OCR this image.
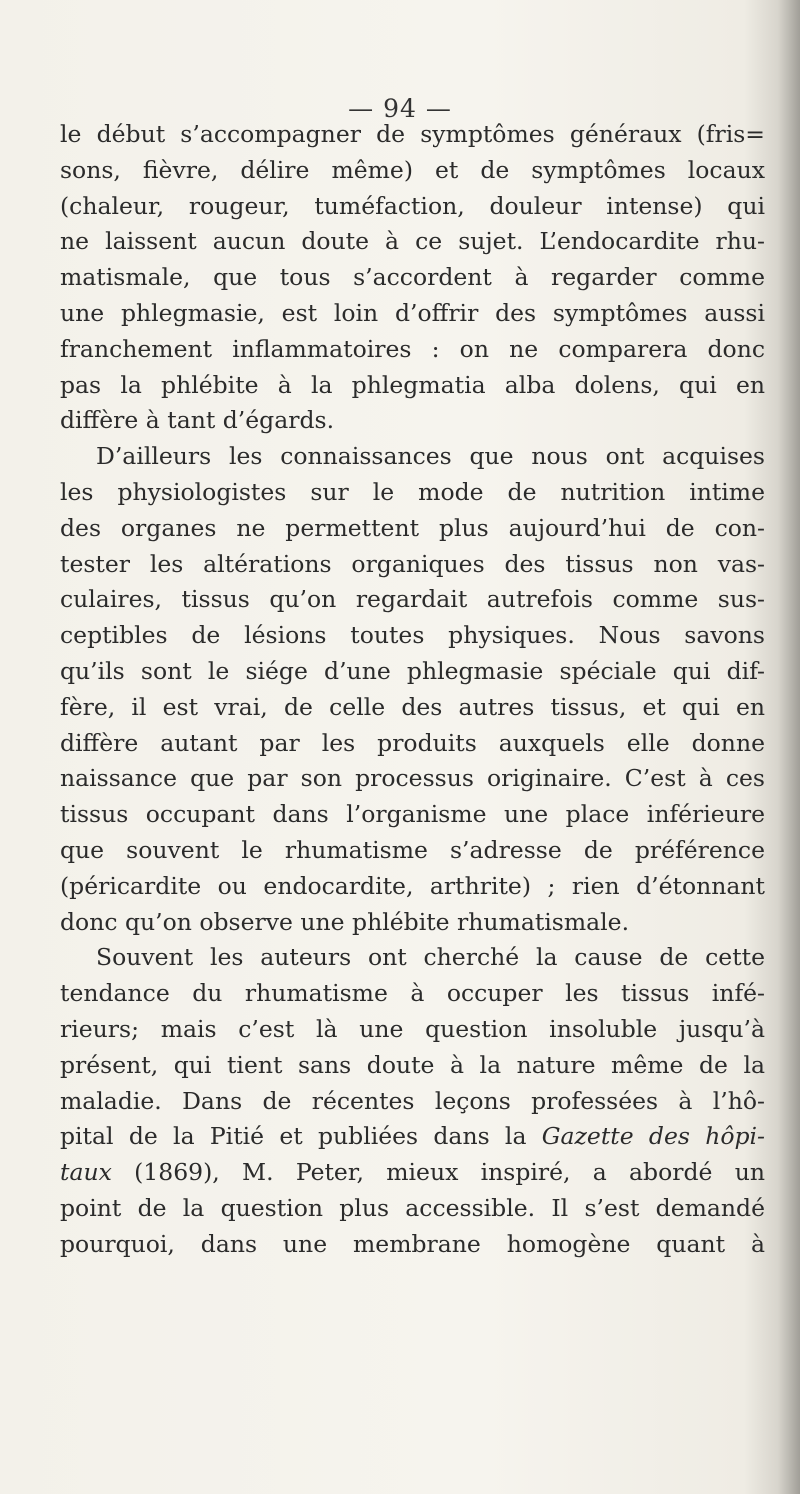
— 94 —
le début s’accompagner de symptômes généraux (fris=
sons, fièvre, délire même) et de symptômes locaux
(chaleur, rougeur, tuméfaction, douleur intense) qui
ne laissent aucun doute à ce sujet. L’endocardite rhu-
matismale, que tous s’accordent à regarder comme
une phlegmasie, est loin d’offrir des symptômes aussi
franchement inflammatoires : on ne comparera donc
pas la phlébite à la phlegmatia alba dolens, qui en
diffère à tant d’égards.
D’ailleurs les connaissances que nous ont acquises
les physiologistes sur le mode de nutrition intime
des organes ne permettent plus aujourd’hui de con-
tester les altérations organiques des tissus non vas-
culaires, tissus qu’on regardait autrefois comme sus-
ceptibles de lésions toutes physiques. Nous savons
qu’ils sont le siége d’une phlegmasie spéciale qui dif-
fère, il est vrai, de celle des autres tissus, et qui en
diffère autant par les produits auxquels elle donne
naissance que par son processus originaire. C’est à ces
tissus occupant dans l’organisme une place inférieure
que souvent le rhumatisme s’adresse de préférence
(péricardite ou endocardite, arthrite) ; rien d’étonnant
donc qu’on observe une phlébite rhumatismale.
Souvent les auteurs ont cherché la cause de cette
tendance du rhumatisme à occuper les tissus infé-
rieurs; mais c’est là une question insoluble jusqu’à
présent, qui tient sans doute à la nature même de la
maladie. Dans de récentes leçons professées à l’hô-
pital de la Pitié et publiées dans la Gazette des hôpi-
taux (1869), M. Peter, mieux inspiré, a abordé un
point de la question plus accessible. Il s’est demandé
pourquoi, dans une membrane homogène quant à
